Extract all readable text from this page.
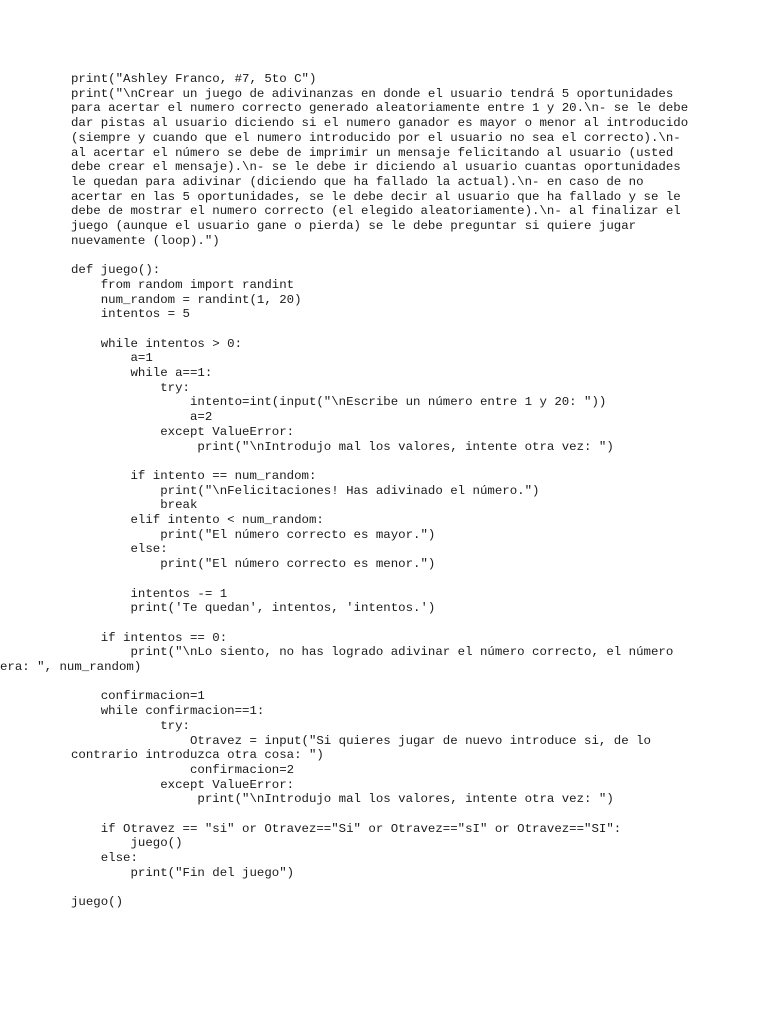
print("Ashley Franco, #7, 5to C")
print("\nCrear un juego de adivinanzas en donde el usuario tendrá 5 oportunidades
para acertar el numero correcto generado aleatoriamente entre 1 y 20.\n- se le debe
dar pistas al usuario diciendo si el numero ganador es mayor o menor al introducido
(siempre y cuando que el numero introducido por el usuario no sea el correcto).\n-
al acertar el número se debe de imprimir un mensaje felicitando al usuario (usted
debe crear el mensaje).\n- se le debe ir diciendo al usuario cuantas oportunidades
le quedan para adivinar (diciendo que ha fallado la actual).\n- en caso de no
acertar en las 5 oportunidades, se le debe decir al usuario que ha fallado y se le
debe de mostrar el numero correcto (el elegido aleatoriamente).\n- al finalizar el
juego (aunque el usuario gane o pierda) se le debe preguntar si quiere jugar
nuevamente (loop).")
def juego():
from random import randint
num_random = randint(1, 20)
intentos = 5
while intentos > 0:
a=1
while a==1:
try:
intento=int(input("\nEscribe un número entre 1 y 20: "))
a=2
except ValueError:
print("\nIntrodujo mal los valores, intente otra vez: ")
if intento == num_random:
print("\nFelicitaciones! Has adivinado el número.")
break
elif intento < num_random:
print("El número correcto es mayor.")
else:
print("El número correcto es menor.")
intentos -= 1
print('Te quedan', intentos, 'intentos.')
if intentos == 0:
print("\nLo siento, no has logrado adivinar el número correcto, el número
era: ", num_random)
confirmacion=1
while confirmacion==1:
try:
Otravez = input("Si quieres jugar de nuevo introduce si, de lo
contrario introduzca otra cosa: ")
confirmacion=2
except ValueError:
print("\nIntrodujo mal los valores, intente otra vez: ")
if Otravez == "si" or Otravez=="Si" or Otravez=="sI" or Otravez=="SI":
juego()
else:
print("Fin del juego")
juego()
